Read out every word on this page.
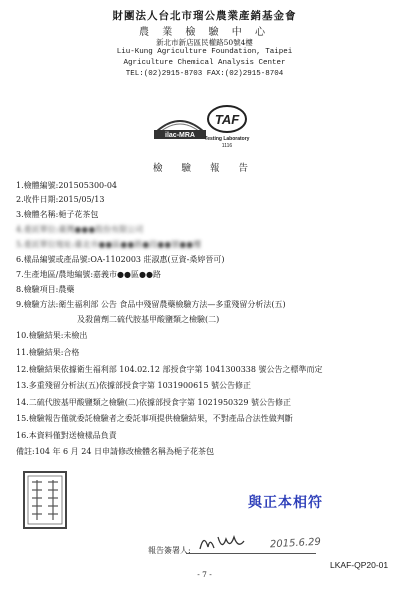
財團法人台北市瑠公農業產銷基金會
農 業 檢 驗 中 心
新北市新店區民權路50號4樓
Liu-Kung Agriculture Foundation, Taipei
Agriculture Chemical Analysis Center
TEL:(02)2915-8703 FAX:(02)2915-8704
ilac-MRA
TAF
Testing Laboratory
1116
檢 驗 報 告
1.檢體編號:201505300-04
2.收件日期:2015/05/13
3.檢體名稱:梔子花茶包
4.委託單位:臺灣●●●股份有限公司
5.委託單位地址:臺北市●●區●●路●段●●號●●樓
6.樣品編號或產品號:OA-1102003 莊淑惠(豆資-桑婷晉可)
7.生產地區/農地編號:嘉義市●●區●●路
8.檢驗項目:農藥
9.檢驗方法:衛生福利部 公告 食品中殘留農藥檢驗方法—多重殘留分析法(五)
及殺菌劑二硫代胺基甲酸鹽類之檢驗(二)
10.檢驗結果:未檢出
11.檢驗結果:合格
12.檢驗結果依據衛生福利部 104.02.12 部授食字第 1041300338 號公告之標準而定
13.多重殘留分析法(五)依據部授食字第 1031900615 號公告修正
14.二硫代胺基甲酸鹽類之檢驗(二)依據部授食字第 1021950329 號公告修正
15.檢驗報告僅就委託檢驗者之委託事項提供檢驗結果，不對產品合法性做判斷
16.本資料僅對送檢樣品負責
備註:104 年 6 月 24 日申請修改檢體名稱為梔子花茶包
與正本相符
報告簽署人:
2015.6.29
- 7 -
LKAF-QP20-01
